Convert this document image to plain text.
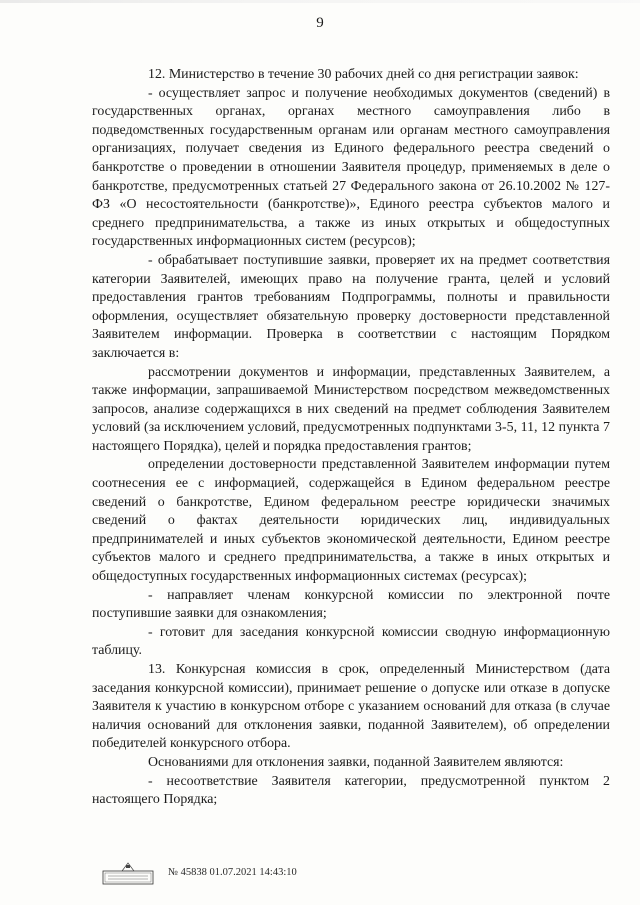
9

12. Министерство в течение 30 рабочих дней со дня регистрации заявок:

- осуществляет запрос и получение необходимых документов (сведений) в государственных органах, органах местного самоуправления либо в подведомственных государственным органам или органам местного самоуправления организациях, получает сведения из Единого федерального реестра сведений о банкротстве о проведении в отношении Заявителя процедур, применяемых в деле о банкротстве, предусмотренных статьей 27 Федерального закона от 26.10.2002 № 127-ФЗ «О несостоятельности (банкротстве)», Единого реестра субъектов малого и среднего предпринимательства, а также из иных открытых и общедоступных государственных информационных систем (ресурсов);

- обрабатывает поступившие заявки, проверяет их на предмет соответствия категории Заявителей, имеющих право на получение гранта, целей и условий предоставления грантов требованиям Подпрограммы, полноты и правильности оформления, осуществляет обязательную проверку достоверности представленной Заявителем информации. Проверка в соответствии с настоящим Порядком заключается в:

рассмотрении документов и информации, представленных Заявителем, а также информации, запрашиваемой Министерством посредством межведомственных запросов, анализе содержащихся в них сведений на предмет соблюдения Заявителем условий (за исключением условий, предусмотренных подпунктами 3-5, 11, 12 пункта 7 настоящего Порядка), целей и порядка предоставления грантов;

определении достоверности представленной Заявителем информации путем соотнесения ее с информацией, содержащейся в Едином федеральном реестре сведений о банкротстве, Едином федеральном реестре юридически значимых сведений о фактах деятельности юридических лиц, индивидуальных предпринимателей и иных субъектов экономической деятельности, Едином реестре субъектов малого и среднего предпринимательства, а также в иных открытых и общедоступных государственных информационных системах (ресурсах);

- направляет членам конкурсной комиссии по электронной почте поступившие заявки для ознакомления;

- готовит для заседания конкурсной комиссии сводную информационную таблицу.

13. Конкурсная комиссия в срок, определенный Министерством (дата заседания конкурсной комиссии), принимает решение о допуске или отказе в допуске Заявителя к участию в конкурсном отборе с указанием оснований для отказа (в случае наличия оснований для отклонения заявки, поданной Заявителем), об определении победителей конкурсного отбора.

Основаниями для отклонения заявки, поданной Заявителем являются:

- несоответствие Заявителя категории, предусмотренной пунктом 2 настоящего Порядка;

№ 45838 01.07.2021 14:43:10
